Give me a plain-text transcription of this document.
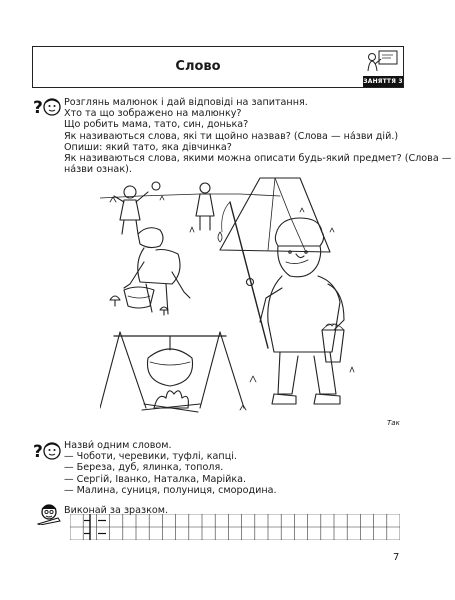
Слово
ЗАНЯТТЯ 3
? Розглянь малюнок і дай відповіді на запитання.
Хто та що зображено на малюнку?
Що робить мама, тато, син, донька?
Як називаються слова, які ти щойно назвав? (Слова — на́зви дій.)
Опиши: який тато, яка дівчинка?
Як називаються слова, якими можна описати будь-який предмет? (Слова —
на́зви ознак).
Так
? Назви́ одним словом.
— Чоботи, черевики, туфлі, капці.
— Береза, дуб, ялинка, тополя.
— Сергій, Іванко, Наталка, Марійка.
— Малина, суниця, полуниця, смородина.
Виконай за зразком.
7
